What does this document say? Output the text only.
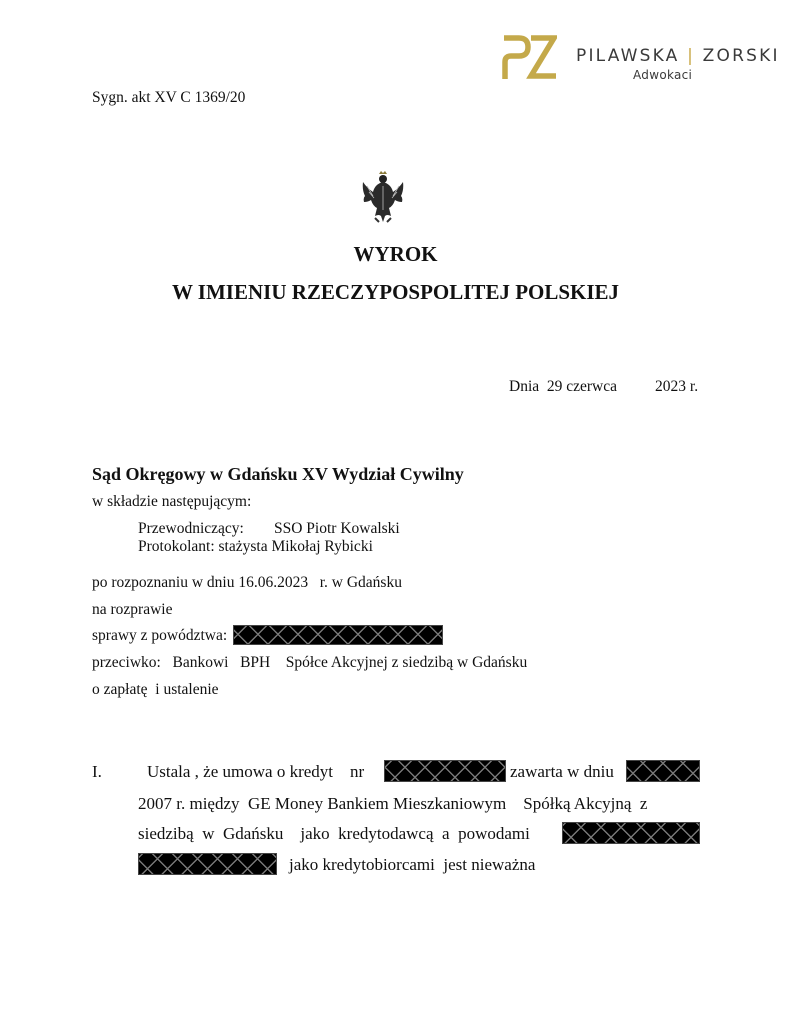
PILAWSKA | ZORSKI
Adwokaci
Sygn. akt XV C 1369/20
WYROK
W IMIENIU RZECZYPOSPOLITEJ POLSKIEJ
Dnia  29 czerwca 2023 r.
Sąd Okręgowy w Gdańsku XV Wydział Cywilny
w składzie następującym:
Przewodniczący: SSO Piotr Kowalski
Protokolant: stażysta Mikołaj Rybicki
po rozpoznaniu w dniu 16.06.2023   r. w Gdańsku
na rozprawie
sprawy z powództwa:
przeciwko:   Bankowi   BPH    Spółce Akcyjnej z siedzibą w Gdańsku
o zapłatę  i ustalenie
I.	Ustala , że umowa o kredyt    nr	zawarta w dniu
2007 r. między  GE Money Bankiem Mieszkaniowym    Spółką Akcyjną  z
siedzibą  w  Gdańsku    jako  kredytodawcą  a  powodami
jako kredytobiorcami  jest nieważna
